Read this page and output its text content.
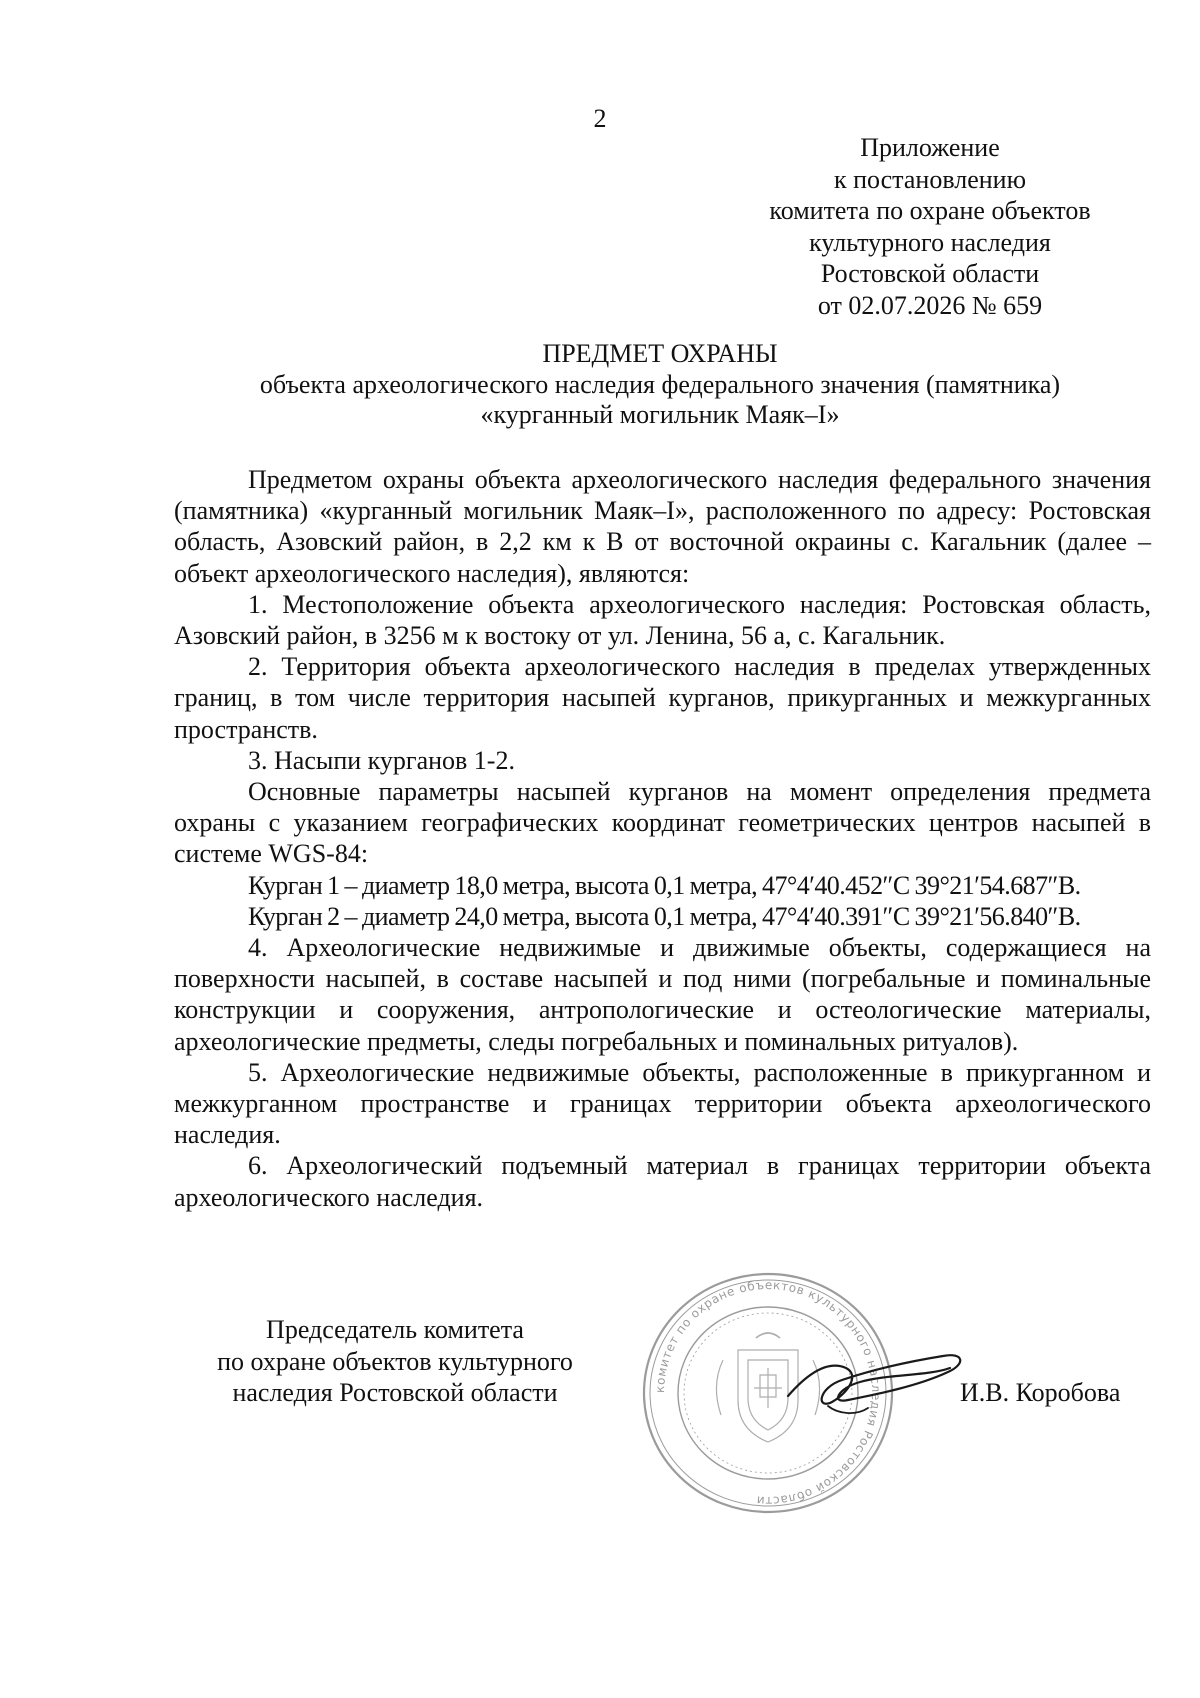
2
Приложение
к постановлению
комитета по охране объектов
культурного наследия
Ростовской области
от 02.07.2026 № 659
ПРЕДМЕТ ОХРАНЫ
объекта археологического наследия федерального значения (памятника)
«курганный могильник Маяк–I»

Предметом охраны объекта археологического наследия федерального значения (памятника) «курганный могильник Маяк–I», расположенного по адресу: Ростовская область, Азовский район, в 2,2 км к В от восточной окраины с. Кагальник (далее – объект археологического наследия), являются:

1. Местоположение объекта археологического наследия: Ростовская область, Азовский район, в 3256 м к востоку от ул. Ленина, 56 а, с. Кагальник.

2. Территория объекта археологического наследия в пределах утвержденных границ, в том числе территория насыпей курганов, прикурганных и межкурганных пространств.

3. Насыпи курганов 1-2.

Основные параметры насыпей курганов на момент определения предмета охраны с указанием географических координат геометрических центров насыпей в системе WGS-84:

Курган 1 – диаметр 18,0 метра, высота 0,1 метра, 47°4′40.452″С 39°21′54.687″В.

Курган 2 – диаметр 24,0 метра, высота 0,1 метра, 47°4′40.391″С 39°21′56.840″В.

4. Археологические недвижимые и движимые объекты, содержащиеся на поверхности насыпей, в составе насыпей и под ними (погребальные и поминальные конструкции и сооружения, антропологические и остеологические материалы, археологические предметы, следы погребальных и поминальных ритуалов).

5. Археологические недвижимые объекты, расположенные в прикурганном и межкурганном пространстве и границах территории объекта археологического наследия.

6. Археологический подъемный материал в границах территории объекта археологического наследия.

Председатель комитета
по охране объектов культурного
наследия Ростовской области	комитет по охране объектов культурного наследия Ростовской области
И.В. Коробова
